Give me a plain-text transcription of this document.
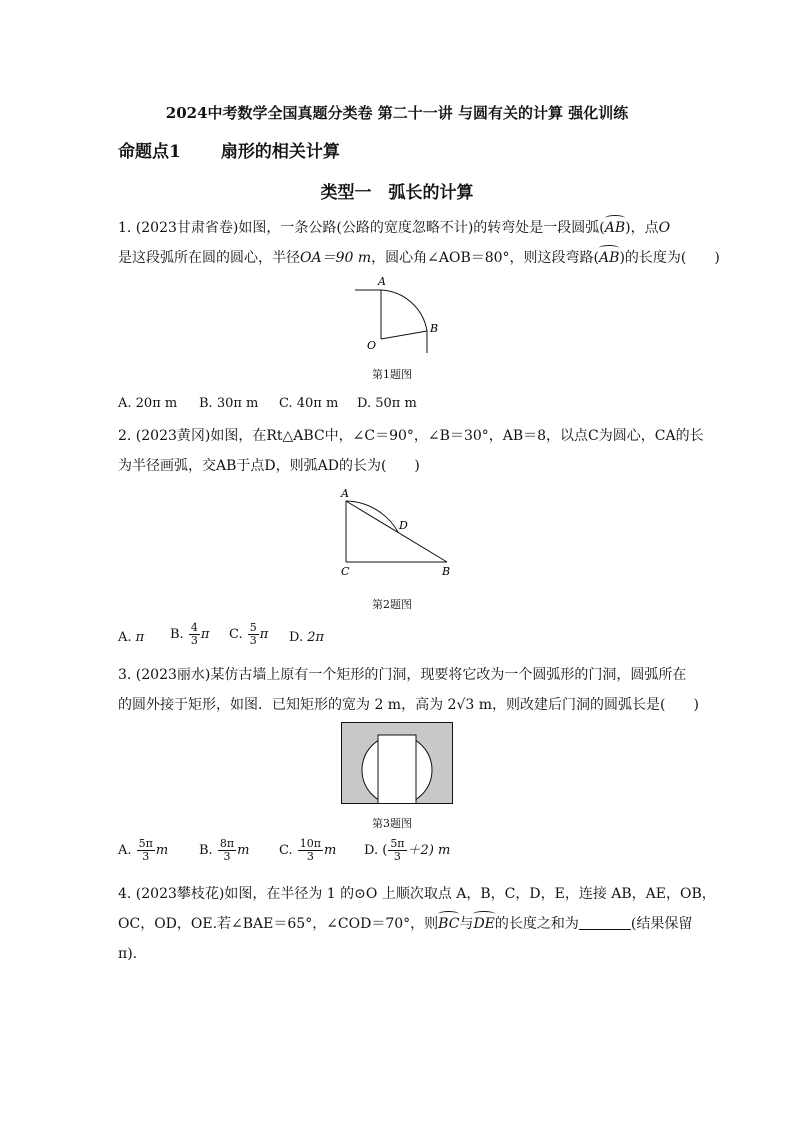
2024中考数学全国真题分类卷 第二十一讲 与圆有关的计算 强化训练
命题点1 扇形的相关计算
类型一　弧长的计算
1. (2023甘肃省卷)如图，一条公路(公路的宽度忽略不计)的转弯处是一段圆弧(AB)，点O
是这段弧所在圆的圆心，半径OA＝90 m，圆心角∠AOB＝80°，则这段弯路(AB)的长度为(　　)
A
B
O
第1题图
A. 20π m B. 30π m C. 40π m D. 50π m
2. (2023黄冈)如图，在Rt△ABC中，∠C＝90°，∠B＝30°，AB＝8，以点C为圆心，CA的长
为半径画弧，交AB于点D，则弧AD的长为(　　)
A
D
C	B
第2题图
A. π B. $\frac{4}{3}$ π C. $\frac{5}{3}$ π D. 2π
3. (2023丽水)某仿古墙上原有一个矩形的门洞，现要将它改为一个圆弧形的门洞，圆弧所在
的圆外接于矩形，如图．已知矩形的宽为 2 m，高为 2√3 m，则改建后门洞的圆弧长是(　　)
第3题图
A. $\frac{5\pi}{3}$ m B. $\frac{8\pi}{3}$ m C. $\frac{10\pi}{3}$ m D. ( $\frac{5\pi}{3} +2$) m
4. (2023攀枝花)如图，在半径为 1 的⊙O 上顺次取点 A，B，C，D，E，连接 AB，AE，OB，
OC，OD，OE.若∠BAE＝65°，∠COD＝70°，则BC与DE的长度之和为	(结果保留
π).
